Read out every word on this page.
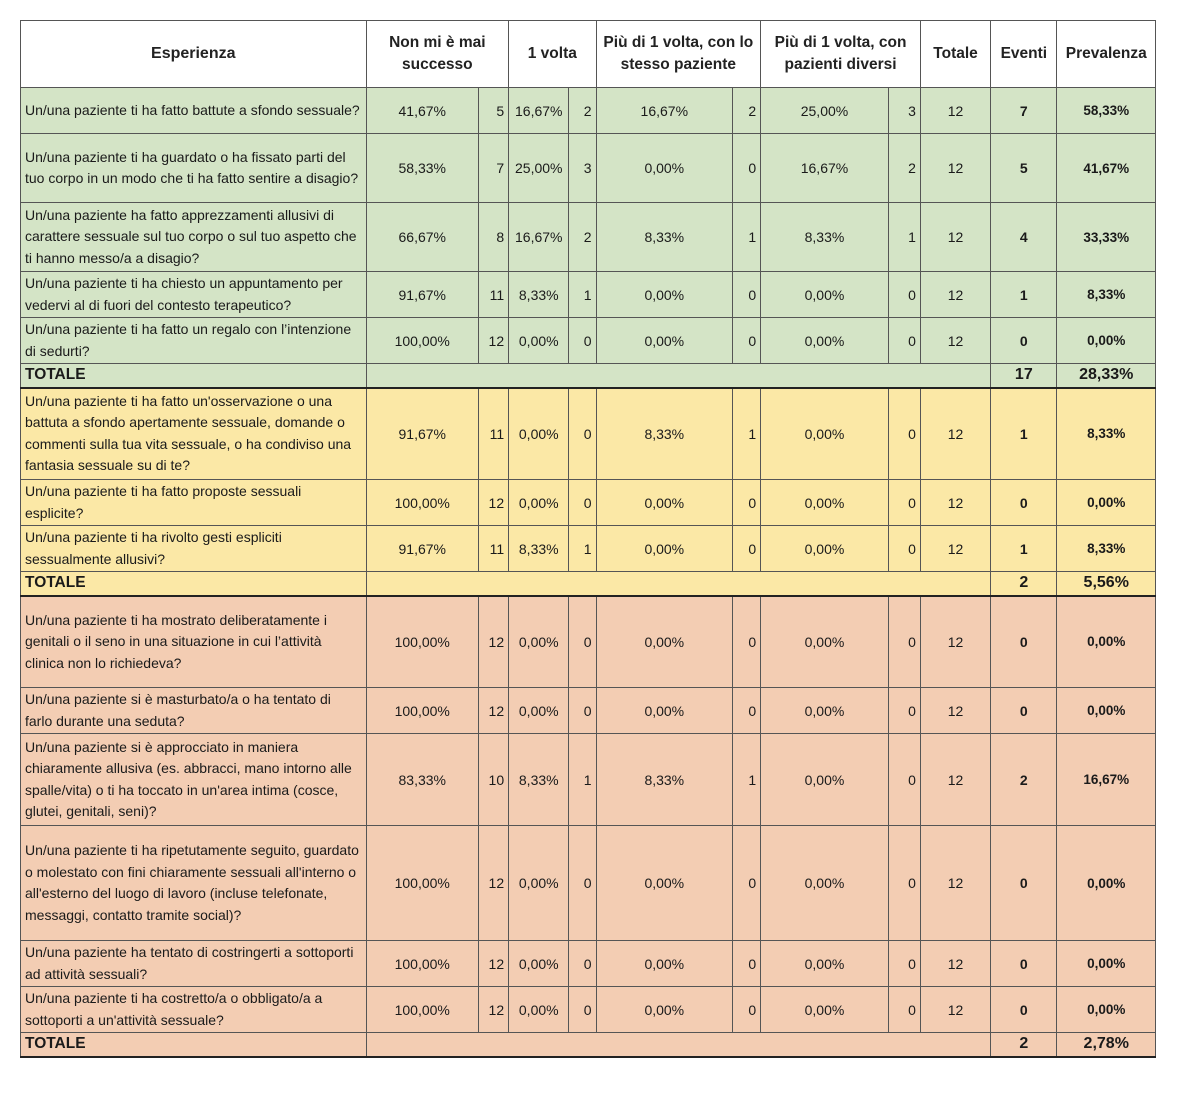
Esperienza	Non mi è mai successo		1 volta		Più di 1 volta, con lo stesso paziente		Più di 1 volta, con pazienti diversi		Totale	Eventi	Prevalenza
Un/una paziente ti ha fatto battute a sfondo sessuale?	41,67%	5	16,67%	2	16,67%	2	25,00%	3	12	7	58,33%
Un/una paziente ti ha guardato o ha fissato parti del tuo corpo in un modo che ti ha fatto sentire a disagio?	58,33%	7	25,00%	3	0,00%	0	16,67%	2	12	5	41,67%
Un/una paziente ha fatto apprezzamenti allusivi di carattere sessuale sul tuo corpo o sul tuo aspetto che ti hanno messo/a a disagio?	66,67%	8	16,67%	2	8,33%	1	8,33%	1	12	4	33,33%
Un/una paziente ti ha chiesto un appuntamento per vedervi al di fuori del contesto terapeutico?	91,67%	11	8,33%	1	0,00%	0	0,00%	0	12	1	8,33%
Un/una paziente ti ha fatto un regalo con l’intenzione di sedurti?	100,00%	12	0,00%	0	0,00%	0	0,00%	0	12	0	0,00%
TOTALE										17	28,33%
Un/una paziente ti ha fatto un'osservazione o una battuta a sfondo apertamente sessuale, domande o commenti sulla tua vita sessuale, o ha condiviso una fantasia sessuale su di te?	91,67%	11	0,00%	0	8,33%	1	0,00%	0	12	1	8,33%
Un/una paziente ti ha fatto proposte sessuali esplicite?	100,00%	12	0,00%	0	0,00%	0	0,00%	0	12	0	0,00%
Un/una paziente ti ha rivolto gesti espliciti sessualmente allusivi?	91,67%	11	8,33%	1	0,00%	0	0,00%	0	12	1	8,33%
TOTALE										2	5,56%
Un/una paziente ti ha mostrato deliberatamente i genitali o il seno in una situazione in cui l’attività clinica non lo richiedeva?	100,00%	12	0,00%	0	0,00%	0	0,00%	0	12	0	0,00%
Un/una paziente si è masturbato/a o ha tentato di farlo durante una seduta?	100,00%	12	0,00%	0	0,00%	0	0,00%	0	12	0	0,00%
Un/una paziente si è approcciato in maniera chiaramente allusiva (es. abbracci, mano intorno alle spalle/vita) o ti ha toccato in un'area intima (cosce, glutei, genitali, seni)?	83,33%	10	8,33%	1	8,33%	1	0,00%	0	12	2	16,67%
Un/una paziente ti ha ripetutamente seguito, guardato o molestato con fini chiaramente sessuali all'interno o all'esterno del luogo di lavoro (incluse telefonate, messaggi, contatto tramite social)?	100,00%	12	0,00%	0	0,00%	0	0,00%	0	12	0	0,00%
Un/una paziente ha tentato di costringerti a sottoporti ad attività sessuali?	100,00%	12	0,00%	0	0,00%	0	0,00%	0	12	0	0,00%
Un/una paziente ti ha costretto/a o obbligato/a a sottoporti a un'attività sessuale?	100,00%	12	0,00%	0	0,00%	0	0,00%	0	12	0	0,00%
TOTALE										2	2,78%
